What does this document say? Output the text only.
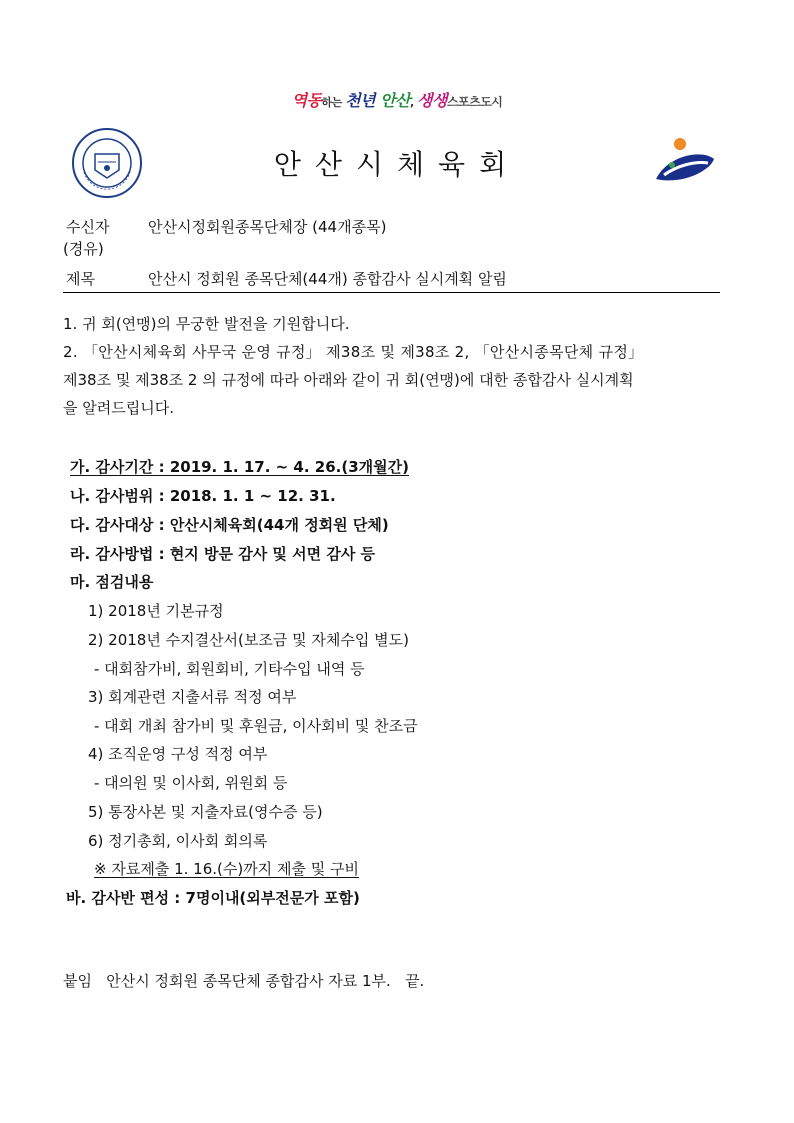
역동하는 천년 안산, 생생스포츠도시
안산시체육회
수신자	안산시정회원종목단체장 (44개종목)
(경유)
제목	안산시 정회원 종목단체(44개) 종합감사 실시계획 알림
1. 귀 회(연맹)의 무궁한 발전을 기원합니다.
2. 「안산시체육회 사무국 운영 규정」 제38조 및 제38조 2, 「안산시종목단체 규정」
제38조 및 제38조 2 의 규정에 따라 아래와 같이 귀 회(연맹)에 대한 종합감사 실시계획
을 알려드립니다.
가. 감사기간 : 2019. 1. 17. ~ 4. 26.(3개월간)
나. 감사범위 : 2018. 1. 1 ~ 12. 31.
다. 감사대상 : 안산시체육회(44개 정회원 단체)
라. 감사방법 : 현지 방문 감사 및 서면 감사 등
마. 점검내용
1) 2018년 기본규정
2) 2018년 수지결산서(보조금 및 자체수입 별도)
- 대회참가비, 회원회비, 기타수입 내역 등
3) 회계관련 지출서류 적정 여부
- 대회 개최 참가비 및 후원금, 이사회비 및 찬조금
4) 조직운영 구성 적정 여부
- 대의원 및 이사회, 위원회 등
5) 통장사본 및 지출자료(영수증 등)
6) 정기총회, 이사회 회의록
※ 자료제출 1. 16.(수)까지 제출 및 구비
바. 감사반 편성 : 7명이내(외부전문가 포함)
붙임   안산시 정회원 종목단체 종합감사 자료 1부.   끝.
